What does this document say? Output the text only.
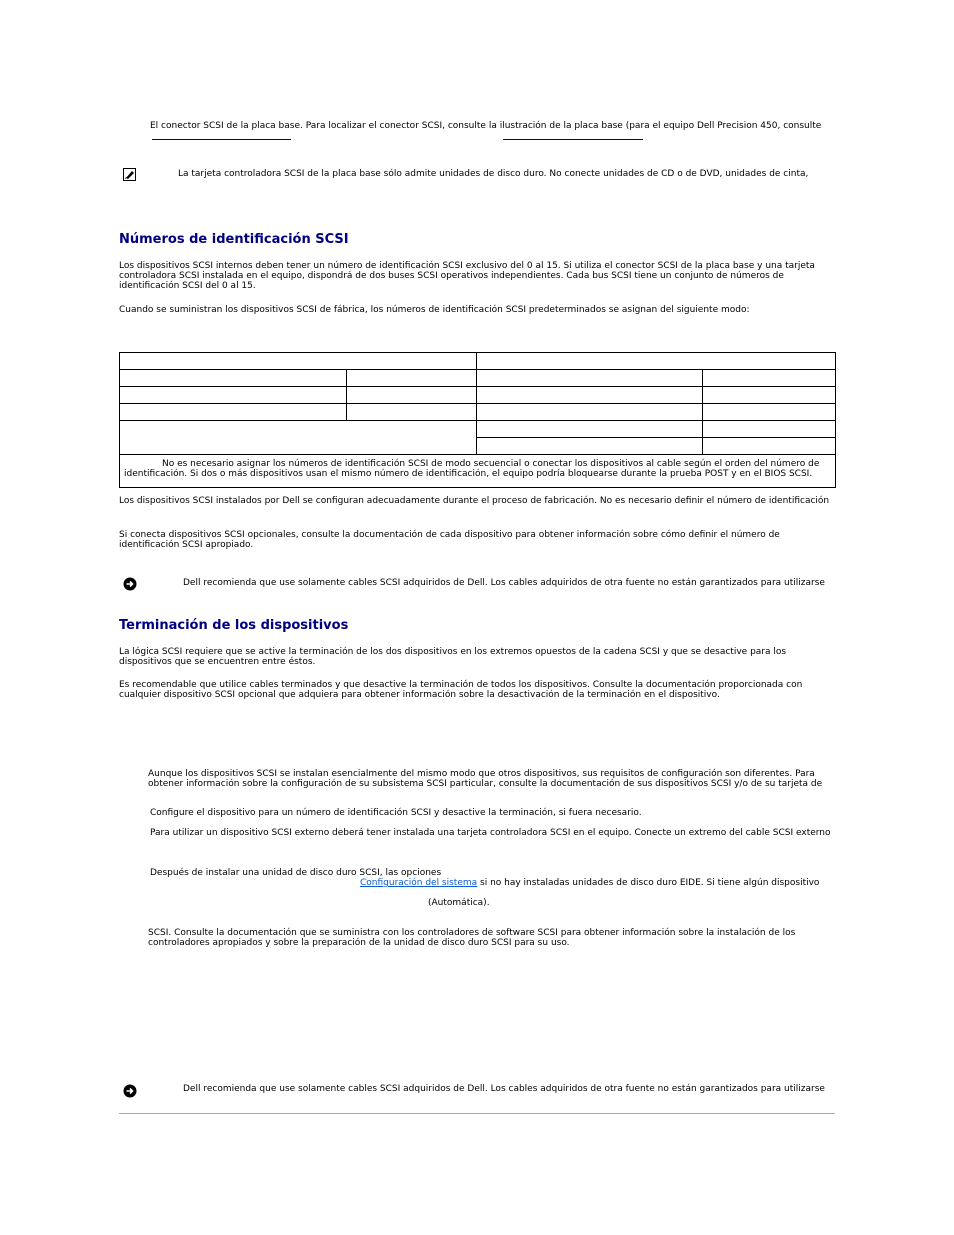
El conector SCSI de la placa base. Para localizar el conector SCSI, consulte la ilustración de la placa base (para el equipo Dell Precision 450, consulte
La tarjeta controladora SCSI de la placa base sólo admite unidades de disco duro. No conecte unidades de CD o de DVD, unidades de cinta,
Números de identificación SCSI
Los dispositivos SCSI internos deben tener un número de identificación SCSI exclusivo del 0 al 15. Si utiliza el conector SCSI de la placa base y una tarjeta
controladora SCSI instalada en el equipo, dispondrá de dos buses SCSI operativos independientes. Cada bus SCSI tiene un conjunto de números de
identificación SCSI del 0 al 15.
Cuando se suministran los dispositivos SCSI de fábrica, los números de identificación SCSI predeterminados se asignan del siguiente modo:

No es necesario asignar los números de identificación SCSI de modo secuencial o conectar los dispositivos al cable según el orden del número de
identificación. Si dos o más dispositivos usan el mismo número de identificación, el equipo podría bloquearse durante la prueba POST y en el BIOS SCSI.			
Los dispositivos SCSI instalados por Dell se configuran adecuadamente durante el proceso de fabricación. No es necesario definir el número de identificación
Si conecta dispositivos SCSI opcionales, consulte la documentación de cada dispositivo para obtener información sobre cómo definir el número de
identificación SCSI apropiado.
Dell recomienda que use solamente cables SCSI adquiridos de Dell. Los cables adquiridos de otra fuente no están garantizados para utilizarse
Terminación de los dispositivos
La lógica SCSI requiere que se active la terminación de los dos dispositivos en los extremos opuestos de la cadena SCSI y que se desactive para los
dispositivos que se encuentren entre éstos.
Es recomendable que utilice cables terminados y que desactive la terminación de todos los dispositivos. Consulte la documentación proporcionada con
cualquier dispositivo SCSI opcional que adquiera para obtener información sobre la desactivación de la terminación en el dispositivo.
Aunque los dispositivos SCSI se instalan esencialmente del mismo modo que otros dispositivos, sus requisitos de configuración son diferentes. Para
obtener información sobre la configuración de su subsistema SCSI particular, consulte la documentación de sus dispositivos SCSI y/o de su tarjeta de
Configure el dispositivo para un número de identificación SCSI y desactive la terminación, si fuera necesario.
Para utilizar un dispositivo SCSI externo deberá tener instalada una tarjeta controladora SCSI en el equipo. Conecte un extremo del cable SCSI externo
Después de instalar una unidad de disco duro SCSI, las opciones
Configuración del sistema si no hay instaladas unidades de disco duro EIDE. Si tiene algún dispositivo
(Automática).
SCSI. Consulte la documentación que se suministra con los controladores de software SCSI para obtener información sobre la instalación de los
controladores apropiados y sobre la preparación de la unidad de disco duro SCSI para su uso.
Dell recomienda que use solamente cables SCSI adquiridos de Dell. Los cables adquiridos de otra fuente no están garantizados para utilizarse
